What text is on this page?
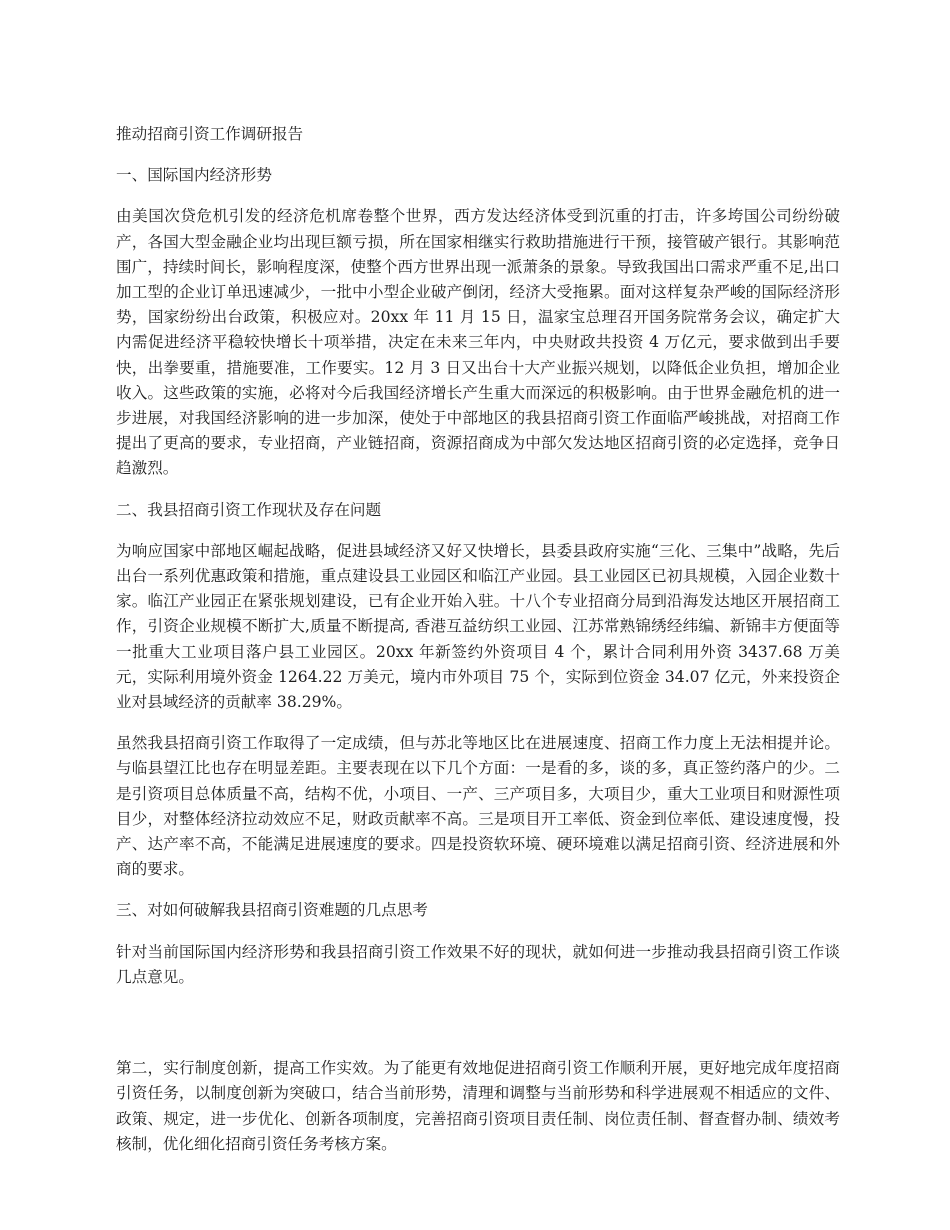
推动招商引资工作调研报告

一、国际国内经济形势

由美国次贷危机引发的经济危机席卷整个世界，西方发达经济体受到沉重的打击，许多垮国公司纷纷破产，各国大型金融企业均出现巨额亏损，所在国家相继实行救助措施进行干预，接管破产银行。其影响范围广，持续时间长，影响程度深，使整个西方世界出现一派萧条的景象。导致我国出口需求严重不足,出口加工型的企业订单迅速减少，一批中小型企业破产倒闭，经济大受拖累。面对这样复杂严峻的国际经济形势，国家纷纷出台政策，积极应对。20xx 年 11 月 15 日，温家宝总理召开国务院常务会议，确定扩大内需促进经济平稳较快增长十项举措，决定在未来三年内，中央财政共投资 4 万亿元，要求做到出手要快，出拳要重，措施要准，工作要实。12 月 3 日又出台十大产业振兴规划，以降低企业负担，增加企业收入。这些政策的实施，必将对今后我国经济增长产生重大而深远的积极影响。由于世界金融危机的进一步进展，对我国经济影响的进一步加深，使处于中部地区的我县招商引资工作面临严峻挑战，对招商工作提出了更高的要求，专业招商，产业链招商，资源招商成为中部欠发达地区招商引资的必定选择，竞争日趋激烈。

二、我县招商引资工作现状及存在问题

为响应国家中部地区崛起战略，促进县域经济又好又快增长，县委县政府实施“三化、三集中”战略，先后出台一系列优惠政策和措施，重点建设县工业园区和临江产业园。县工业园区已初具规模，入园企业数十家。临江产业园正在紧张规划建设，已有企业开始入驻。十八个专业招商分局到沿海发达地区开展招商工作，引资企业规模不断扩大,质量不断提高, 香港互益纺织工业园、江苏常熟锦绣经纬编、新锦丰方便面等一批重大工业项目落户县工业园区。20xx 年新签约外资项目 4 个，累计合同利用外资 3437.68 万美元，实际利用境外资金 1264.22 万美元，境内市外项目 75 个，实际到位资金 34.07 亿元，外来投资企业对县域经济的贡献率 38.29%。

虽然我县招商引资工作取得了一定成绩，但与苏北等地区比在进展速度、招商工作力度上无法相提并论。与临县望江比也存在明显差距。主要表现在以下几个方面：一是看的多，谈的多，真正签约落户的少。二是引资项目总体质量不高，结构不优，小项目、一产、三产项目多，大项目少，重大工业项目和财源性项目少，对整体经济拉动效应不足，财政贡献率不高。三是项目开工率低、资金到位率低、建设速度慢，投产、达产率不高，不能满足进展速度的要求。四是投资软环境、硬环境难以满足招商引资、经济进展和外商的要求。

三、对如何破解我县招商引资难题的几点思考

针对当前国际国内经济形势和我县招商引资工作效果不好的现状，就如何进一步推动我县招商引资工作谈几点意见。

第二，实行制度创新，提高工作实效。为了能更有效地促进招商引资工作顺利开展，更好地完成年度招商引资任务，以制度创新为突破口，结合当前形势，清理和调整与当前形势和科学进展观不相适应的文件、政策、规定，进一步优化、创新各项制度，完善招商引资项目责任制、岗位责任制、督查督办制、绩效考核制，优化细化招商引资任务考核方案。
